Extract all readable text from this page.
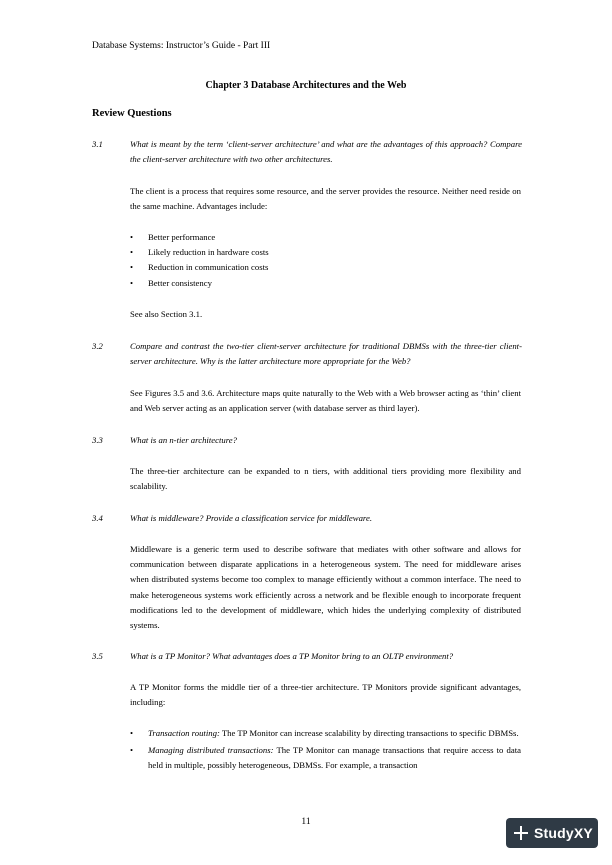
Database Systems: Instructor’s Guide - Part III
Chapter 3 Database Architectures and the Web
Review Questions
3.1	What is meant by the term ‘client-server architecture’ and what are the advantages of this approach? Compare the client-server architecture with two other architectures.
The client is a process that requires some resource, and the server provides the resource. Neither need reside on the same machine. Advantages include:
• Better performance
• Likely reduction in hardware costs
• Reduction in communication costs
• Better consistency
See also Section 3.1.
3.2	Compare and contrast the two-tier client-server architecture for traditional DBMSs with the three-tier client-server architecture. Why is the latter architecture more appropriate for the Web?
See Figures 3.5 and 3.6. Architecture maps quite naturally to the Web with a Web browser acting as ‘thin’ client and Web server acting as an application server (with database server as third layer).
3.3	What is an n-tier architecture?
The three-tier architecture can be expanded to n tiers, with additional tiers providing more flexibility and scalability.
3.4	What is middleware? Provide a classification service for middleware.
Middleware is a generic term used to describe software that mediates with other software and allows for communication between disparate applications in a heterogeneous system. The need for middleware arises when distributed systems become too complex to manage efficiently without a common interface. The need to make heterogeneous systems work efficiently across a network and be flexible enough to incorporate frequent modifications led to the development of middleware, which hides the underlying complexity of distributed systems.
3.5	What is a TP Monitor? What advantages does a TP Monitor bring to an OLTP environment?
A TP Monitor forms the middle tier of a three-tier architecture. TP Monitors provide significant advantages, including:
• Transaction routing: The TP Monitor can increase scalability by directing transactions to specific DBMSs.
• Managing distributed transactions: The TP Monitor can manage transactions that require access to data held in multiple, possibly heterogeneous, DBMSs. For example, a transaction
11
StudyXY
